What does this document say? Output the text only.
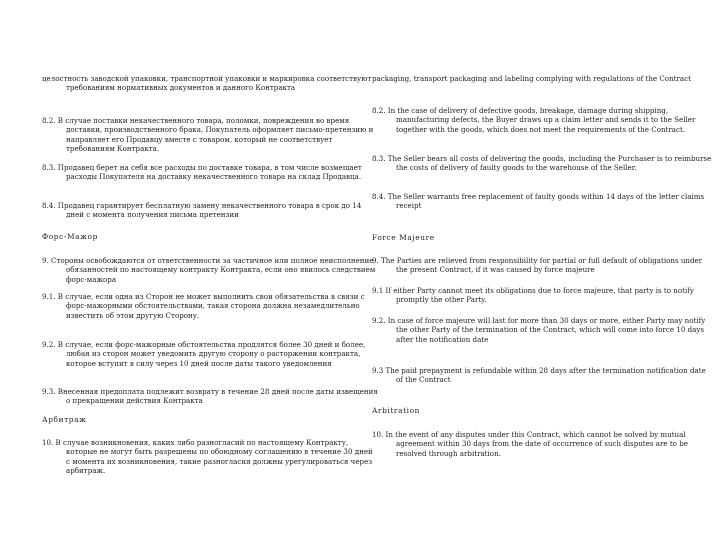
целостность заводской упаковки, транспортной упаковки и маркировка соответствуют требованиям нормативных документов и данного Контракта

8.2. В случае поставки некачественного товара, поломки, повреждения во время доставки, производственного брака, Покупатель оформляет письмо-претензию и направляет его Продавцу вместе с товаром, который не соответствует требованиям Контракта.

8.3. Продавец берет на себя все расходы по доставке товара, в том числе возмещает расходы Покупателя на доставку некачественного товара на склад Продавца.

8.4. Продавец гарантирует бесплатную замену некачественного товара в срок до 14 дней с момента получения письма претензии

Форс-Мажор

9. Стороны освобождаются от ответственности за частичное или полное неисполнение обязанностей по настоящему контракту Контракта, если оно явилось следствием форс-мажора

9.1. В случае, если одна из Сторон не может выполнить свои обязательства в связи с форс-мажорными обстоятельствами, такая сторона должна незамедлительно известить об этом другую Сторону.

9.2. В случае, если форс-мажорные обстоятельства продлятся более 30 дней и более, любая из сторон может уведомить другую сторону о расторжении контракта, которое вступит в силу через 10 дней после даты такого уведомления

9.3. Внесенная предоплата подлежит возврату в течение 28 дней после даты извещения о прекращении действия Контракта

Арбитраж

10. В случае возникновения, каких либо разногласий по настоящему Контракту, которые не могут быть разрешены по обоюдному соглашению в течение 30 дней с момента их возникновения, такие разногласия должны урегулироваться через арбитраж.

packaging, transport packaging and labeling complying with regulations of the Contract

8.2. In the case of delivery of defective goods, breakage, damage during shipping, manufacturing defects, the Buyer draws up a claim letter and sends it to the Seller together with the goods, which does not meet the requirements of the Contract.

8.3. The Seller bears all costs of delivering the goods, including the Purchaser is to reimburse the costs of delivery of faulty goods to the warehouse of the Seller.

8.4. The Seller warrants free replacement of faulty goods within 14 days of the letter claims receipt

Force Majeure

9. The Parties are relieved from responsibility for partial or full default of obligations under the present Contract, if it was caused by force majeure

9.1 If either Party cannot meet its obligations due to force majeure, that party is to notify promptly the other Party.

9.2. In case of force majeure will last for more than 30 days or more, either Party may notify the other Party of the termination of the Contract, which will come into force 10 days after the notification date

9.3 The paid prepayment is refundable within 28 days after the termination notification date of the Contract

Arbitration

10. In the event of any disputes under this Contract, which cannot be solved by mutual agreement within 30 days from the date of occurrence of such disputes are to be resolved through arbitration.
